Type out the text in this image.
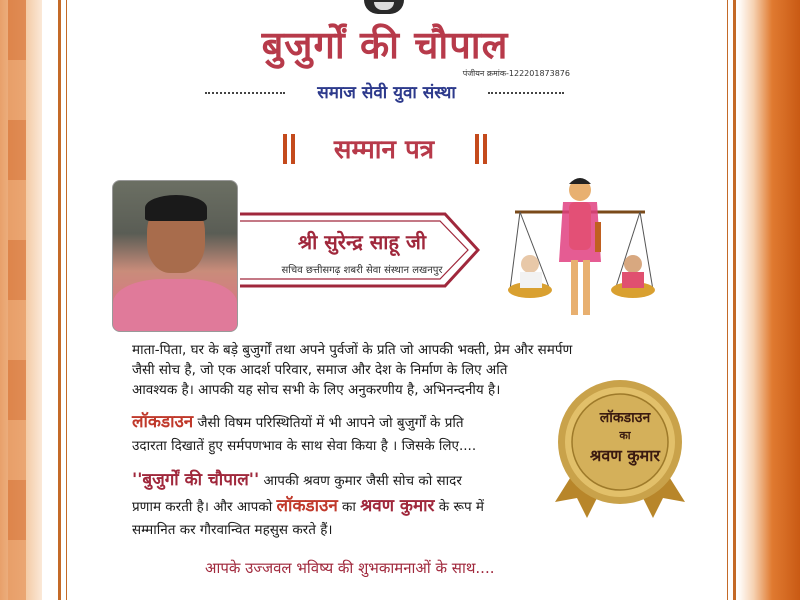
बुजुर्गों की चौपाल
पंजीयन क्रमांक-122201873876
समाज सेवी युवा संस्था
सम्मान पत्र
श्री सुरेन्द्र साहू जी
सचिव छत्तीसगढ़ शबरी सेवा संस्थान लखनपुर
माता-पिता, घर के बड़े बुजुर्गों तथा अपने पुर्वजों के प्रति जो आपकी भक्ती, प्रेम और समर्पण
जैसी सोच है, जो एक आदर्श परिवार, समाज और देश के निर्माण के लिए अति
आवश्यक है। आपकी यह सोच सभी के लिए अनुकरणीय है, अभिनन्दनीय है।
लॉकडाउन जैसी विषम परिस्थितियों में भी आपने जो बुजुर्गों के प्रति
उदारता दिखातें हुए सर्मपणभाव के साथ सेवा किया है । जिसके लिए....
''बुजुर्गों की चौपाल'' आपकी श्रवण कुमार जैसी सोच को सादर
प्रणाम करती है। और आपको लॉकडाउन का श्रवण कुमार के रूप में
सम्मानित कर गौरवान्वित महसुस करते हैं।
लॉकडाउन
का
श्रवण कुमार
आपके उज्जवल भविष्य की शुभकामनाओं के साथ....
